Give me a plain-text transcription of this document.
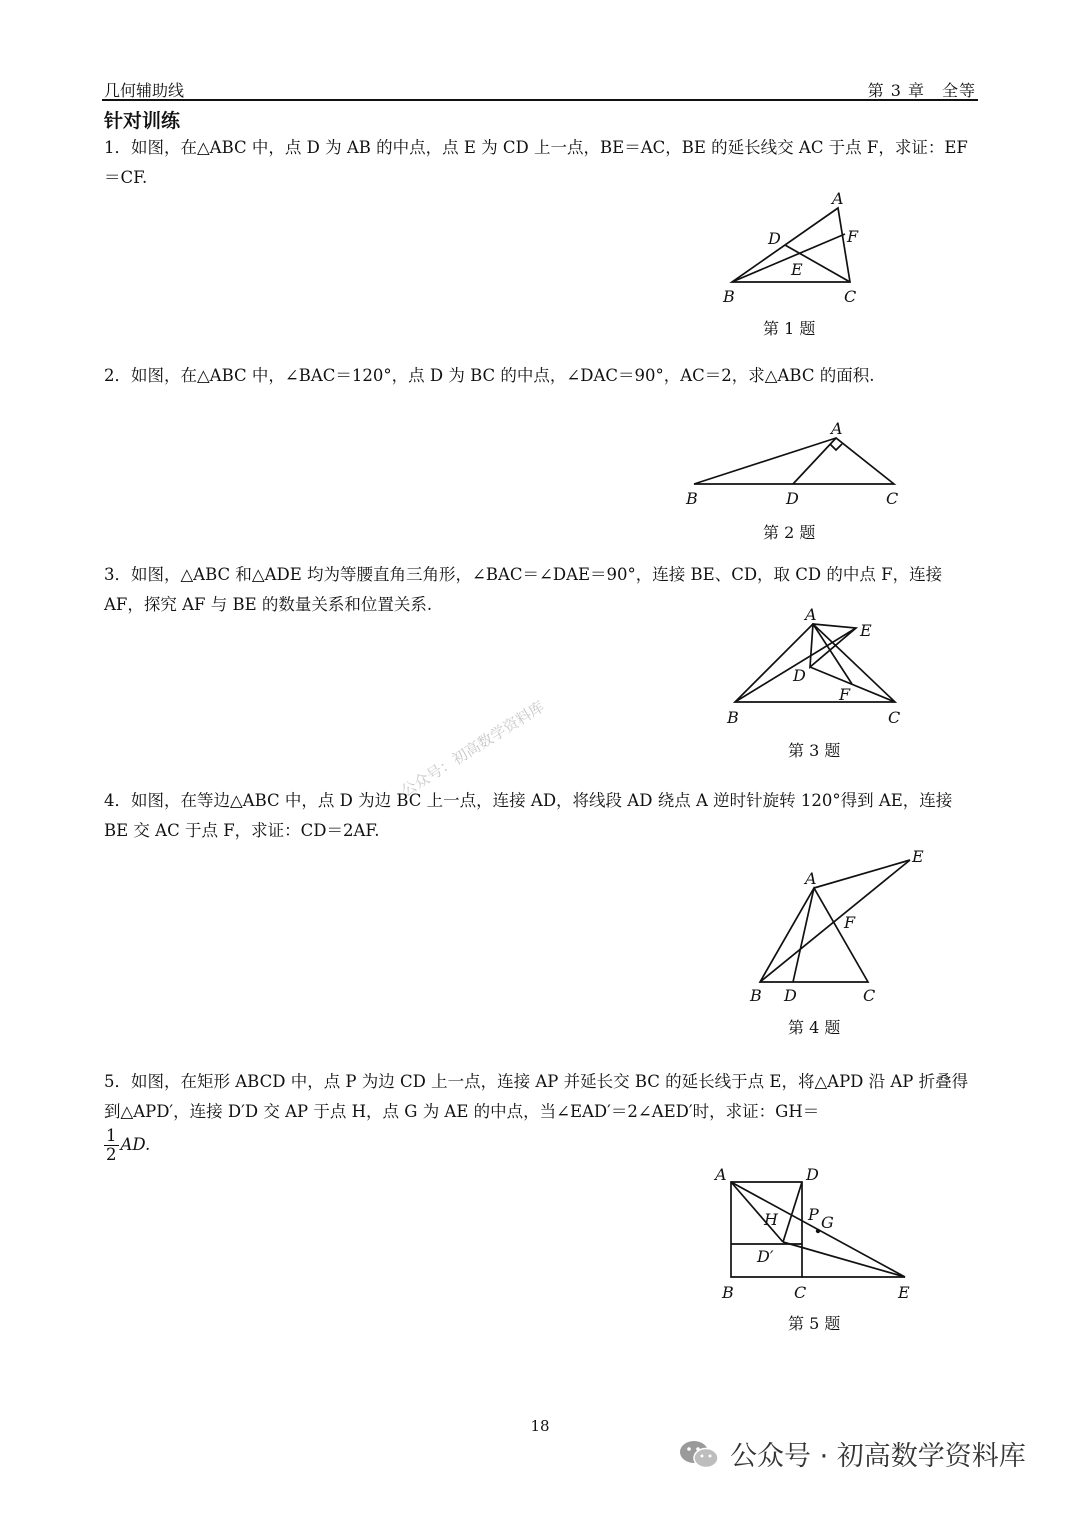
几何辅助线	第 3 章　全等
针对训练
1．如图，在△ABC 中，点 D 为 AB 的中点，点 E 为 CD 上一点，BE＝AC，BE 的延长线交 AC 于点 F，求证：EF＝CF.
A
D	F
E
B	C
第 1 题
2．如图，在△ABC 中，∠BAC＝120°，点 D 为 BC 的中点，∠DAC＝90°，AC＝2，求△ABC 的面积.
A
B	D	C
第 2 题
3．如图，△ABC 和△ADE 均为等腰直角三角形，∠BAC＝∠DAE＝90°，连接 BE、CD，取 CD 的中点 F，连接 AF，探究 AF 与 BE 的数量关系和位置关系.
A
E
D
F
B	C
第 3 题
公众号：初高数学资料库
4．如图，在等边△ABC 中，点 D 为边 BC 上一点，连接 AD，将线段 AD 绕点 A 逆时针旋转 120°得到 AE，连接 BE 交 AC 于点 F，求证：CD＝2AF.
E
A
F
B D	C
第 4 题
5．如图，在矩形 ABCD 中，点 P 为边 CD 上一点，连接 AP 并延长交 BC 的延长线于点 E，将△APD 沿 AP 折叠得到△APD′，连接 D′D 交 AP 于点 H，点 G 为 AE 的中点，当∠EAD′＝2∠AED′时，求证：GH＝

$\frac{1}{2}$ AD.
A	D
H P G
D′
B	C	E
第 5 题
18
公众号 · 初高数学资料库
